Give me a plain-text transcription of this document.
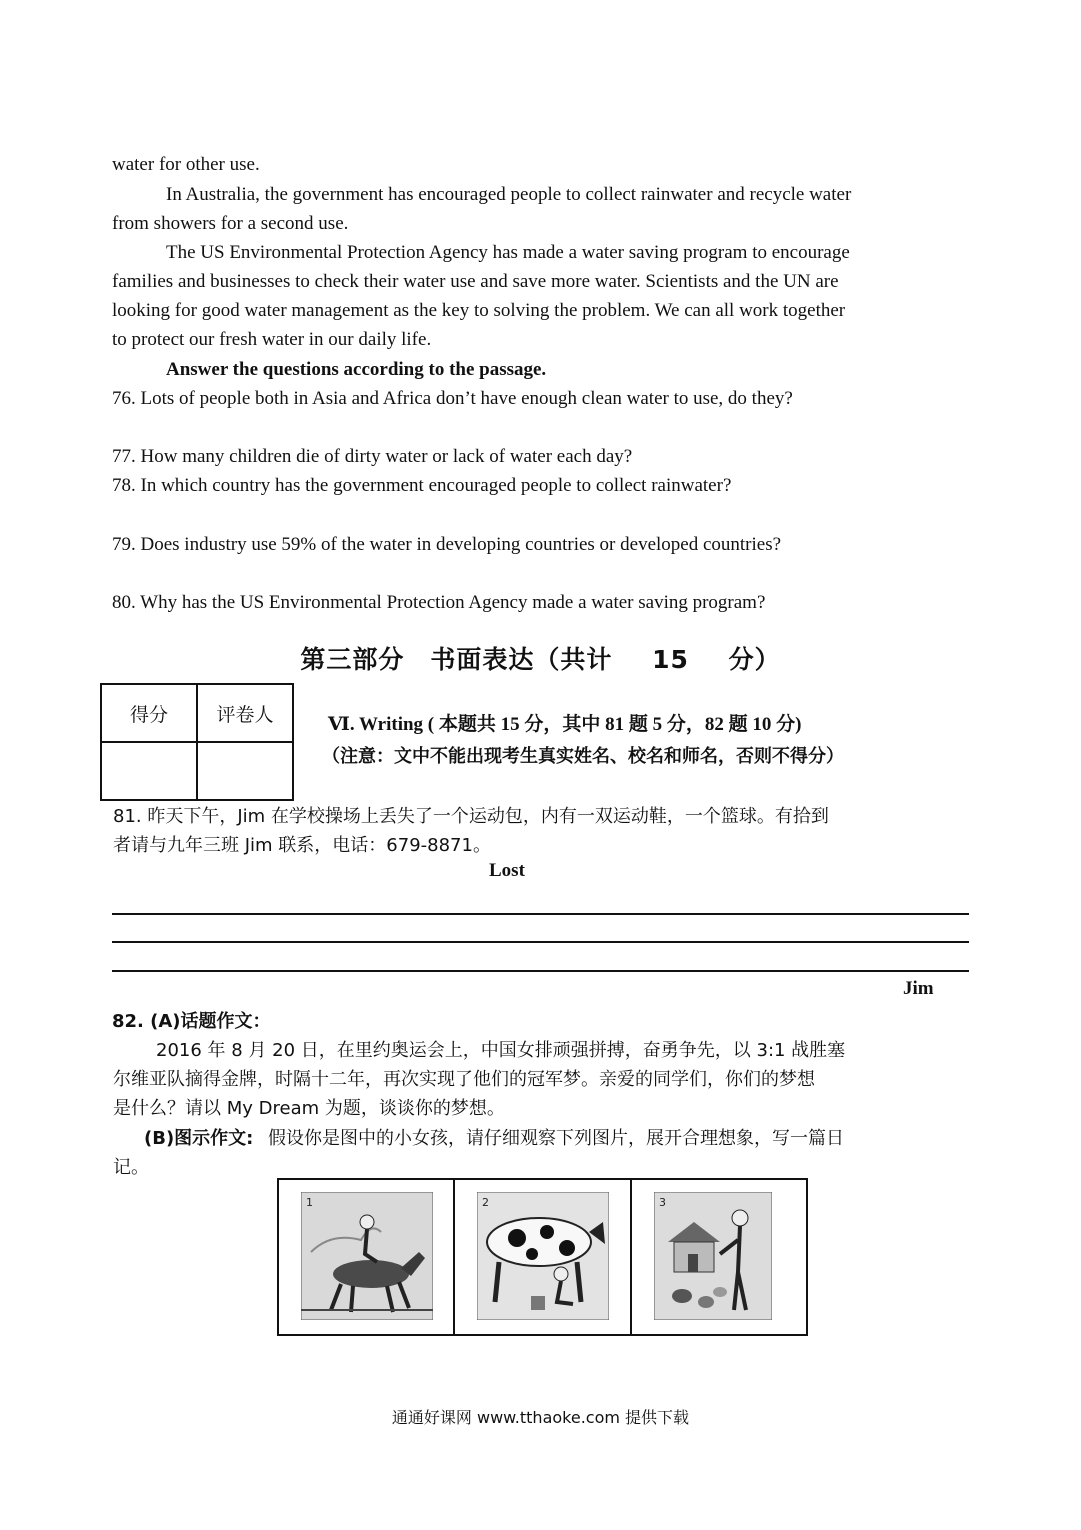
water for other use.
In Australia, the government has encouraged people to collect rainwater and recycle water
from showers for a second use.
The US Environmental Protection Agency has made a water saving program to encourage
families and businesses to check their water use and save more water. Scientists and the UN are
looking for good water management as the key to solving the problem. We can all work together
to protect our fresh water in our daily life.
Answer the questions according to the passage.
76. Lots of people both in Asia and Africa don’t have enough clean water to use, do they?
77. How many children die of dirty water or lack of water each day?
78. In which country has the government encouraged people to collect rainwater?
79. Does industry use 59% of the water in developing countries or developed countries?
80. Why has the US Environmental Protection Agency made a water saving program?
第三部分　书面表达（共计 15 分）
得分	评卷人
		Ⅵ. Writing ( 本题共 15 分，其中 81 题 5 分，82 题 10 分)
（注意：文中不能出现考生真实姓名、校名和师名，否则不得分）
81. 昨天下午，Jim 在学校操场上丢失了一个运动包，内有一双运动鞋，一个篮球。有拾到
者请与九年三班 Jim 联系，电话：679-8871。
Lost
Jim
82. (A)话题作文：
2016 年 8 月 20 日，在里约奥运会上，中国女排顽强拼搏，奋勇争先，以 3:1 战胜塞
尔维亚队摘得金牌，时隔十二年，再次实现了他们的冠军梦。亲爱的同学们，你们的梦想
是什么？请以 My Dream 为题，谈谈你的梦想。
(B)图示作文: 假设你是图中的小女孩，请仔细观察下列图片，展开合理想象，写一篇日
记。
1	2	3
通通好课网 www.tthaoke.com 提供下载
